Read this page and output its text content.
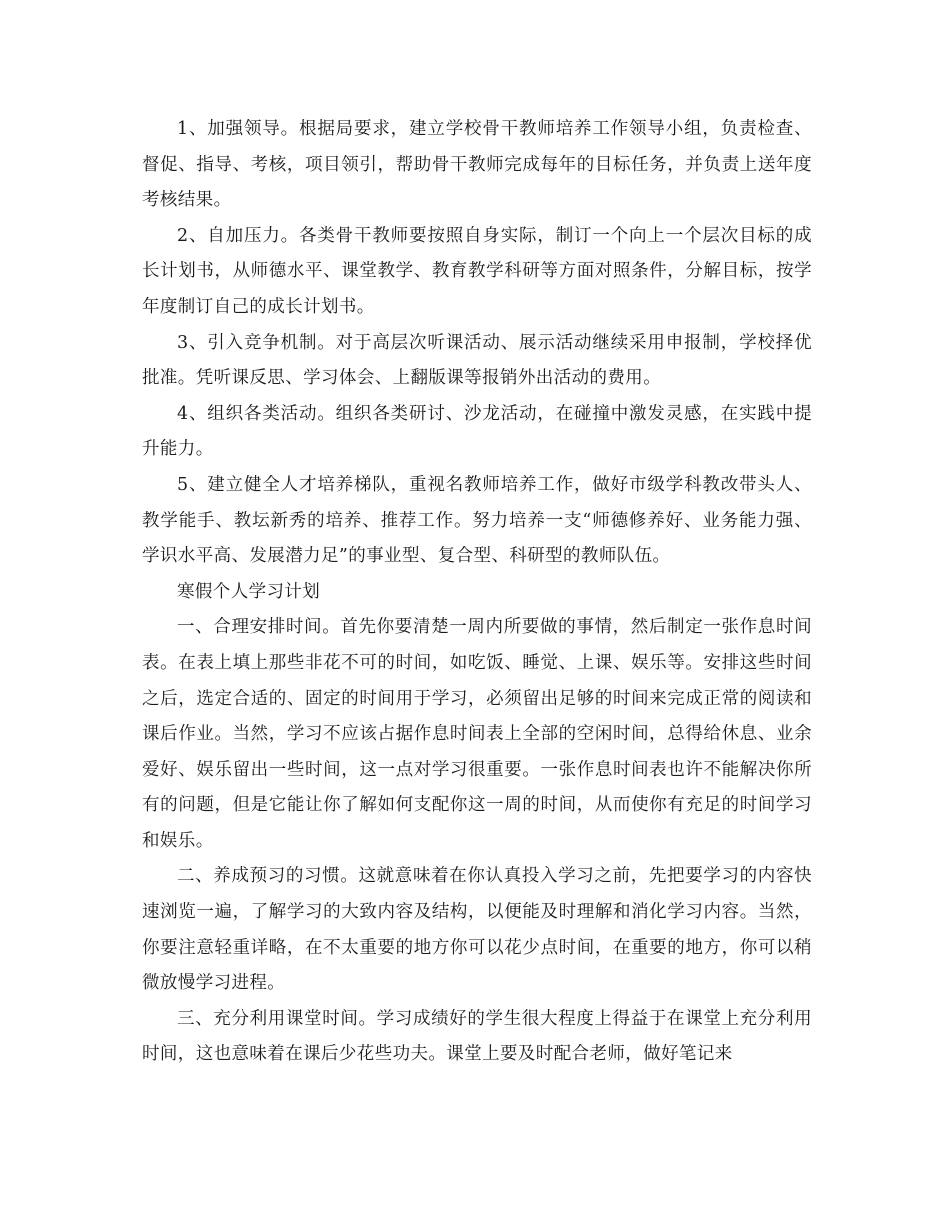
1、加强领导。根据局要求，建立学校骨干教师培养工作领导小组，负责检查、督促、指导、考核，项目领引，帮助骨干教师完成每年的目标任务，并负责上送年度考核结果。

2、自加压力。各类骨干教师要按照自身实际，制订一个向上一个层次目标的成长计划书，从师德水平、课堂教学、教育教学科研等方面对照条件，分解目标，按学年度制订自己的成长计划书。

3、引入竞争机制。对于高层次听课活动、展示活动继续采用申报制，学校择优批准。凭听课反思、学习体会、上翻版课等报销外出活动的费用。

4、组织各类活动。组织各类研讨、沙龙活动，在碰撞中激发灵感，在实践中提升能力。

5、建立健全人才培养梯队，重视名教师培养工作，做好市级学科教改带头人、教学能手、教坛新秀的培养、推荐工作。努力培养一支“师德修养好、业务能力强、学识水平高、发展潜力足”的事业型、复合型、科研型的教师队伍。

寒假个人学习计划

一、合理安排时间。首先你要清楚一周内所要做的事情，然后制定一张作息时间表。在表上填上那些非花不可的时间，如吃饭、睡觉、上课、娱乐等。安排这些时间之后，选定合适的、固定的时间用于学习，必须留出足够的时间来完成正常的阅读和课后作业。当然，学习不应该占据作息时间表上全部的空闲时间，总得给休息、业余爱好、娱乐留出一些时间，这一点对学习很重要。一张作息时间表也许不能解决你所有的问题，但是它能让你了解如何支配你这一周的时间，从而使你有充足的时间学习和娱乐。

二、养成预习的习惯。这就意味着在你认真投入学习之前，先把要学习的内容快速浏览一遍，了解学习的大致内容及结构，以便能及时理解和消化学习内容。当然，你要注意轻重详略，在不太重要的地方你可以花少点时间，在重要的地方，你可以稍微放慢学习进程。

三、充分利用课堂时间。学习成绩好的学生很大程度上得益于在课堂上充分利用时间，这也意味着在课后少花些功夫。课堂上要及时配合老师，做好笔记来
